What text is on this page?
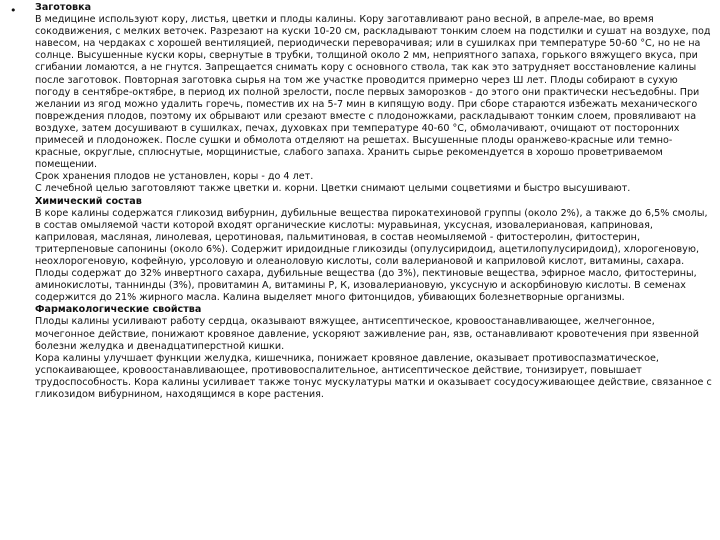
• Заготовка

В медицине используют кору, листья, цветки и плоды калины. Кору заготавливают рано весной, в апреле-мае, во время сокодвижения, с мелких веточек. Разрезают на куски 10-20 см, раскладывают тонким слоем на подстилки и сушат на воздухе, под навесом, на чердаках с хорошей вентиляцией, периодически переворачивая; или в сушилках при температуре 50-60 °С, но не на солнце. Высушенные куски коры, свернутые в трубки, толщиной около 2 мм, неприятного запаха, горького вяжущего вкуса, при сгибании ломаются, а не гнутся. Запрещается снимать кору с основного ствола, так как это затрудняет восстановление калины после заготовок. Повторная заготовка сырья на том же участке проводится примерно через Ш лет. Плоды собирают в сухую погоду в сентябре-октябре, в период их полной зрелости, после первых заморозков - до этого они практически несъедобны. При желании из ягод можно удалить горечь, поместив их на 5-7 мин в кипящую воду. При сборе стараются избежать механического повреждения плодов, поэтому их обрывают или срезают вместе с плодоножками, раскладывают тонким слоем, провяливают на воздухе, затем досушивают в сушилках, печах, духовках при температуре 40-60 °С, обмолачивают, очищают от посторонних примесей и плодоножек. После сушки и обмолота отделяют на решетах. Высушенные плоды оранжево-красные или темно-красные, округлые, сплюснутые, морщинистые, слабого запаха. Хранить сырье рекомендуется в хорошо проветриваемом помещении.

Срок хранения плодов не установлен, коры - до 4 лет.

С лечебной целью заготовляют также цветки и. корни. Цветки снимают целыми соцветиями и быстро высушивают.

Химический состав

В коре калины содержатся гликозид вибурнин, дубильные вещества пирокатехиновой группы (около 2%), а также до 6,5% смолы, в состав омыляемой части которой входят органические кислоты: муравьиная, уксусная, изовалериановая, каприновая, каприловая, масляная, линолевая, церотиновая, пальмитиновая, в состав неомыляемой - фитостеролин, фитостерин, тритерпеновые сапонины (около 6%). Содержит иридоидные гликозиды (опулусиридоид, ацетилопулусиридоид), хлорогеновую, неохлорогеновую, кофейную, урсоловую и олеаноловую кислоты, соли валериановой и каприловой кислот, витамины, сахара.

Плоды содержат до 32% инвертного сахара, дубильные вещества (до 3%), пектиновые вещества, эфирное масло, фитостерины, аминокислоты, таннинды (3%), провитамин А, витамины Р, К, изовалериановую, уксусную и аскорбиновую кислоты. В семенах содержится до 21% жирного масла. Калина выделяет много фитонцидов, убивающих болезнетворные организмы.

Фармакологические свойства

Плоды калины усиливают работу сердца, оказывают вяжущее, антисептическое, кровоостанавливающее, желчегонное, мочегонное действие, понижают кровяное давление, ускоряют заживление ран, язв, останавливают кровотечения при язвенной болезни желудка и двенадцатиперстной кишки.

Кора калины улучшает функции желудка, кишечника, понижает кровяное давление, оказывает противоспазматическое, успокаивающее, кровоостанавливающее, противовоспалительное, антисептическое действие, тонизирует, повышает трудоспособность. Кора калины усиливает также тонус мускулатуры матки и оказывает сосудосуживающее действие, связанное с гликозидом вибурнином, находящимся в коре растения.
